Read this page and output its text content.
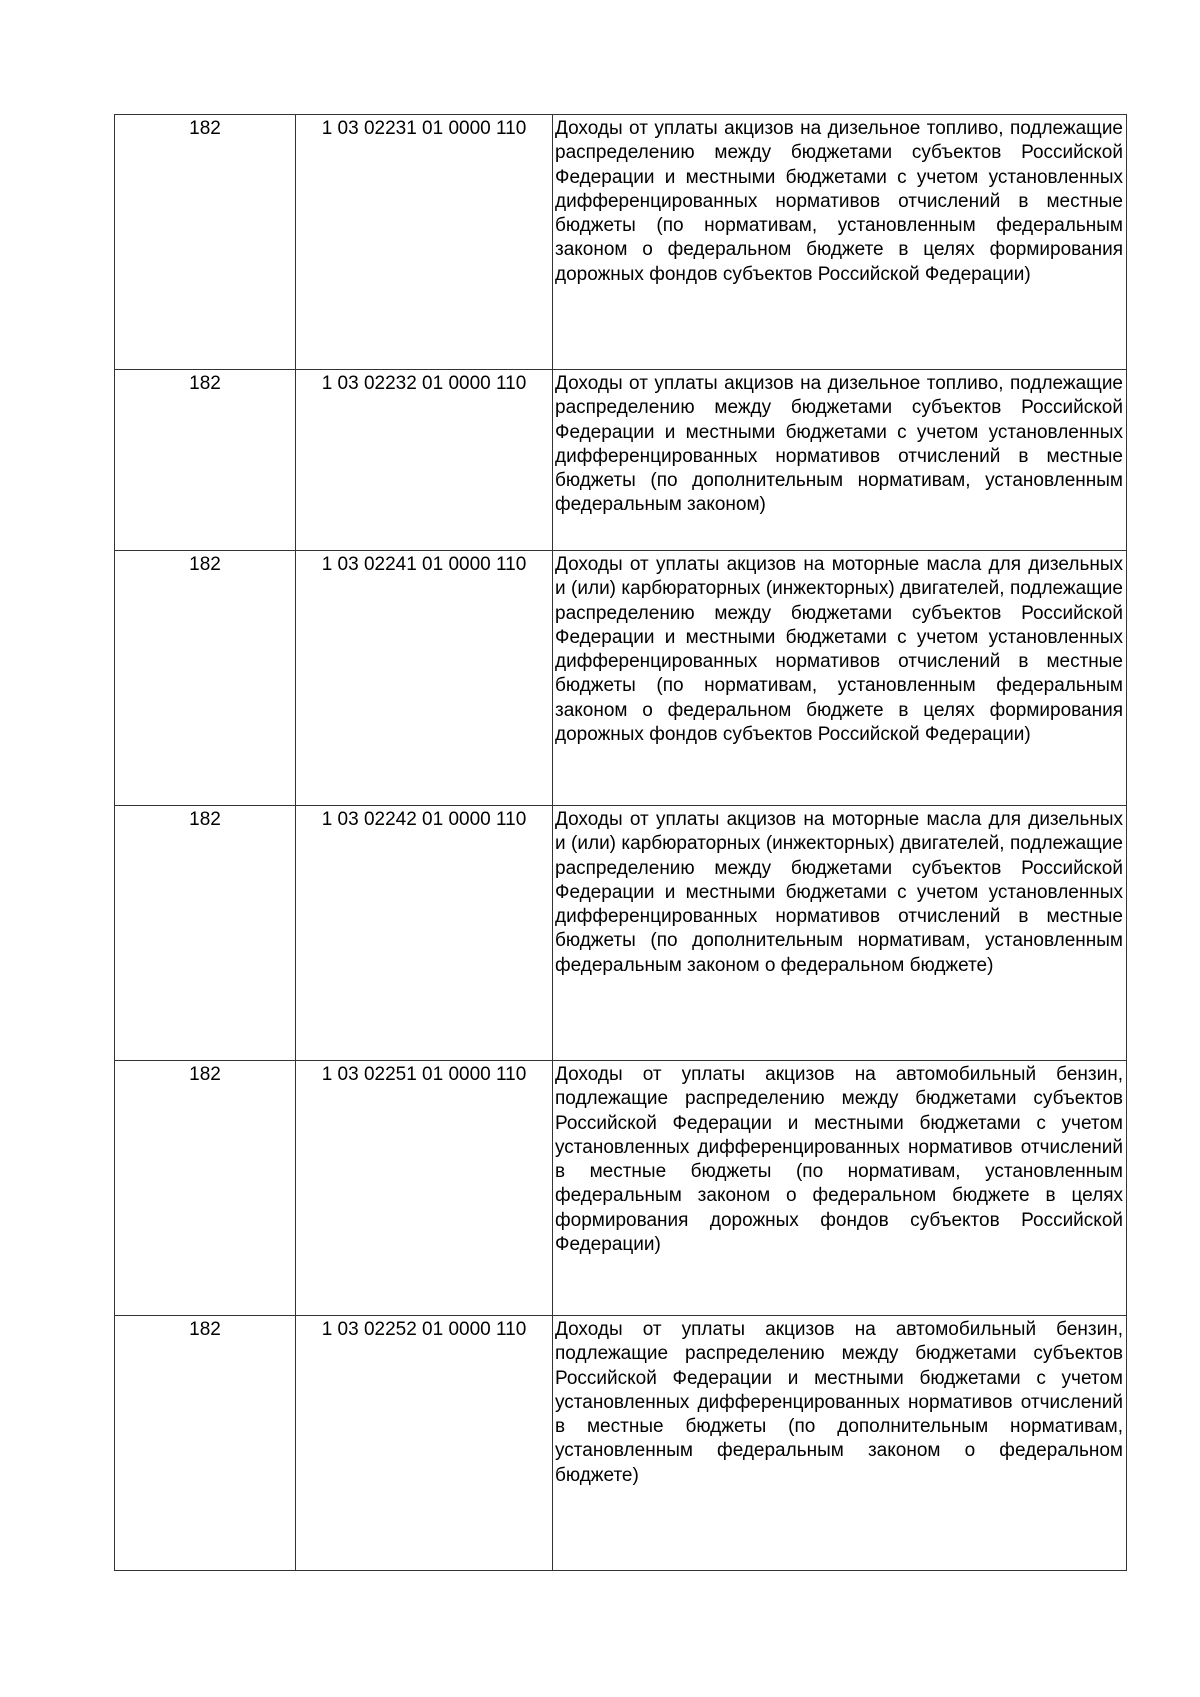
182	1 03 02231 01 0000 110	Доходы от уплаты акцизов на дизельное топливо, подлежащие распределению между бюджетами субъектов Российской Федерации и местными бюджетами с учетом установленных дифференцированных нормативов отчислений в местные бюджеты (по нормативам, установленным федеральным законом о федеральном бюджете в целях формирования дорожных фондов субъектов Российской Федерации)
182	1 03 02232 01 0000 110	Доходы от уплаты акцизов на дизельное топливо, подлежащие распределению между бюджетами субъектов Российской Федерации и местными бюджетами с учетом установленных дифференцированных нормативов отчислений в местные бюджеты (по дополнительным нормативам, установленным федеральным законом)
182	1 03 02241 01 0000 110	Доходы от уплаты акцизов на моторные масла для дизельных и (или) карбюраторных (инжекторных) двигателей, подлежащие распределению между бюджетами субъектов Российской Федерации и местными бюджетами с учетом установленных дифференцированных нормативов отчислений в местные бюджеты (по нормативам, установленным федеральным законом о федеральном бюджете в целях формирования дорожных фондов субъектов Российской Федерации)
182	1 03 02242 01 0000 110	Доходы от уплаты акцизов на моторные масла для дизельных и (или) карбюраторных (инжекторных) двигателей, подлежащие распределению между бюджетами субъектов Российской Федерации и местными бюджетами с учетом установленных дифференцированных нормативов отчислений в местные бюджеты (по дополнительным нормативам, установленным федеральным законом о федеральном бюджете)
182	1 03 02251 01 0000 110	Доходы от уплаты акцизов на автомобильный бензин, подлежащие распределению между бюджетами субъектов Российской Федерации и местными бюджетами с учетом установленных дифференцированных нормативов отчислений в местные бюджеты (по нормативам, установленным федеральным законом о федеральном бюджете в целях формирования дорожных фондов субъектов Российской Федерации)
182	1 03 02252 01 0000 110	Доходы от уплаты акцизов на автомобильный бензин, подлежащие распределению между бюджетами субъектов Российской Федерации и местными бюджетами с учетом установленных дифференцированных нормативов отчислений в местные бюджеты (по дополнительным нормативам, установленным федеральным законом о федеральном бюджете)
